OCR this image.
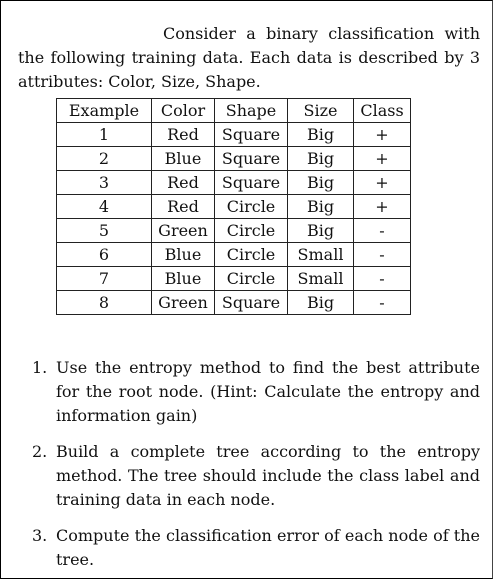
Consider a binary classification with the following training data. Each data is described by 3 attributes: Color, Size, Shape.

Example	Color	Shape	Size	Class
1	Red	Square	Big	+
2	Blue	Square	Big	+
3	Red	Square	Big	+
4	Red	Circle	Big	+
5	Green	Circle	Big	-
6	Blue	Circle	Small	-
7	Blue	Circle	Small	-
8	Green	Square	Big	-
1. Use the entropy method to find the best attribute for the root node. (Hint: Calculate the entropy and information gain)
2. Build a complete tree according to the entropy method. The tree should include the class label and training data in each node.
3. Compute the classification error of each node of the tree.
